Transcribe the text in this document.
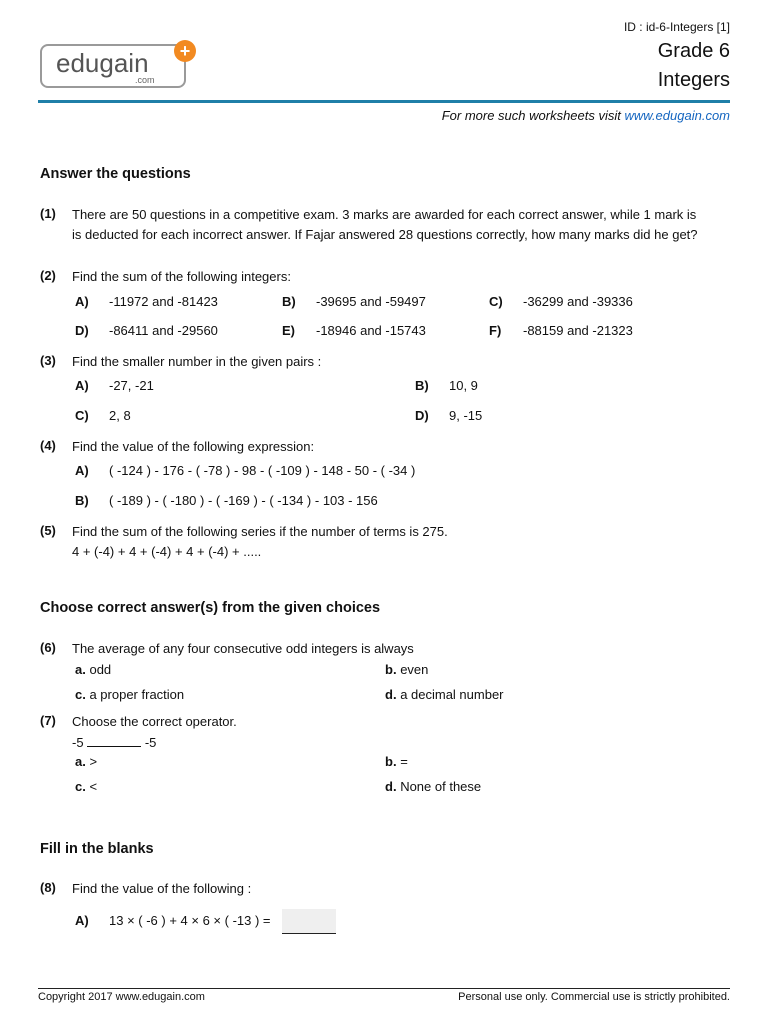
ID : id-6-Integers [1]
Grade 6
Integers
edugain
.com
+
For more such worksheets visit www.edugain.com
Answer the questions
(1) There are 50 questions in a competitive exam. 3 marks are awarded for each correct answer, while 1 mark is is deducted for each incorrect answer. If Fajar answered 28 questions correctly, how many marks did he get?
(2) Find the sum of the following integers:
A) -11972 and -81423	B) -39695 and -59497	C) -36299 and -39336
D) -86411 and -29560	E) -18946 and -15743	F) -88159 and -21323
(3) Find the smaller number in the given pairs :
A) -27, -21	B) 10, 9
C) 2, 8	D) 9, -15
(4) Find the value of the following expression:
A) ( -124 ) - 176 - ( -78 ) - 98 - ( -109 ) - 148 - 50 - ( -34 )
B) ( -189 ) - ( -180 ) - ( -169 ) - ( -134 ) - 103 - 156
(5) Find the sum of the following series if the number of terms is 275.
4 + (-4) + 4 + (-4) + 4 + (-4) + .....
Choose correct answer(s) from the given choices
(6) The average of any four consecutive odd integers is always
a. odd	b. even
c. a proper fraction	d. a decimal number
(7) Choose the correct operator.
-5	-5
a. >	b. =
c. <	d. None of these
Fill in the blanks
(8) Find the value of the following :
A) 13 × ( -6 ) + 4 × 6 × ( -13 ) =
Copyright 2017 www.edugain.com	Personal use only. Commercial use is strictly prohibited.
